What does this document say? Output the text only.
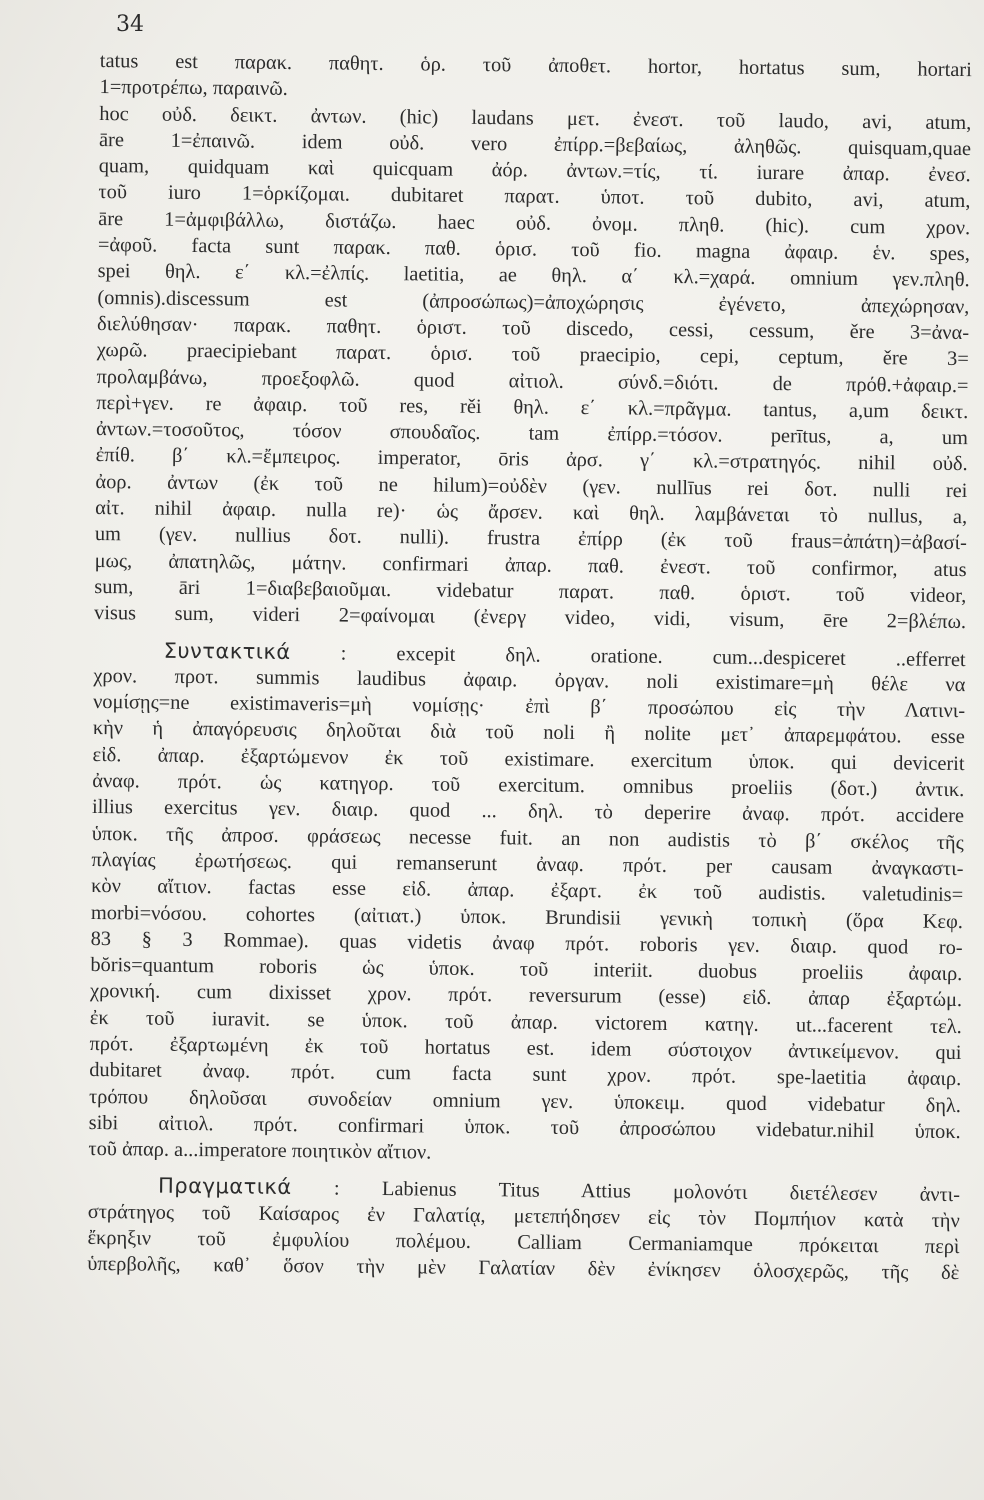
34
tatus est παρακ. παθητ. ὁρ. τοῦ ἀποθετ. hortor, hortatus sum, hortari
1=προτρέπω, παραινῶ.
hoc οὐδ. δεικτ. ἀντων. (hic) laudans μετ. ἐνεστ. τοῦ laudo, avi, atum,
āre 1=ἐπαινῶ. idem οὐδ. vero ἐπίρρ.=βεβαίως, ἀληθῶς. quisquam,quae
quam, quidquam καὶ quicquam ἀόρ. ἀντων.=τίς, τί. iurare ἀπαρ. ἐνεσ.
τοῦ iuro 1=ὁρκίζομαι. dubitaret παρατ. ὑποτ. τοῦ dubito, avi, atum,
āre 1=ἀμφιβάλλω, διστάζω. haec οὐδ. ὀνομ. πληθ. (hic). cum χρον.
=ἀφοῦ. facta sunt παρακ. παθ. ὁρισ. τοῦ fio. magna ἀφαιρ. ἑν. spes,
spei θηλ. ε΄ κλ.=ἐλπίς. laetitia, ae θηλ. α΄ κλ.=χαρά. omnium γεν.πληθ.
(omnis).discessum est (ἀπροσώπως)=ἀποχώρησις ἐγένετο, ἀπεχώρησαν,
διελύθησαν· παρακ. παθητ. ὁριστ. τοῦ discedo, cessi, cessum, ěre 3=ἀνα-
χωρῶ. praecipiebant παρατ. ὁρισ. τοῦ praecipio, cepi, ceptum, ěre 3=
προλαμβάνω, προεξοφλῶ. quod αἰτιολ. σύνδ.=διότι. de πρόθ.+ἀφαιρ.=
περὶ+γεν. re ἀφαιρ. τοῦ res, rěi θηλ. ε΄ κλ.=πρᾶγμα. tantus, a,um δεικτ.
ἀντων.=τοσοῦτος, τόσον σπουδαῖος. tam ἐπίρρ.=τόσον. perītus, a, um
ἐπίθ. β΄ κλ.=ἔμπειρος. imperator, ōris ἀρσ. γ΄ κλ.=στρατηγός. nihil οὐδ.
ἀορ. ἀντων (ἐκ τοῦ ne hilum)=οὐδὲν (γεν. nullīus rei δοτ. nulli rei
αἰτ. nihil ἀφαιρ. nulla re)· ὡς ἄρσεν. καὶ θηλ. λαμβάνεται τὸ nullus, a,
um (γεν. nullius δοτ. nulli). frustra ἐπίρρ (ἐκ τοῦ fraus=ἀπάτη)=ἀβασί-
μως, ἀπατηλῶς, μάτην. confirmari ἀπαρ. παθ. ἐνεστ. τοῦ confirmor, atus
sum, āri 1=διαβεβαιοῦμαι. videbatur παρατ. παθ. ὁριστ. τοῦ videor,
visus sum, videri 2=φαίνομαι (ἐνεργ video, vidi, visum, ēre 2=βλέπω.
Συντακτικά : excepit δηλ. oratione. cum...despiceret ..efferret
χρον. προτ. summis laudibus ἀφαιρ. ὀργαν. noli existimare=μὴ θέλε να
νομίσῃς=ne existimaveris=μὴ νομίσῃς· ἐπὶ β΄ προσώπου εἰς τὴν Λατινι-
κὴν ἡ ἀπαγόρευσις δηλοῦται διὰ τοῦ noli ἢ nolite μετ᾽ ἀπαρεμφάτου. esse
εἰδ. ἀπαρ. ἐξαρτώμενον ἐκ τοῦ existimare. exercitum ὑποκ. qui devicerit
ἀναφ. πρότ. ὡς κατηγορ. τοῦ exercitum. omnibus proeliis (δοτ.) ἀντικ.
illius exercitus γεν. διαιρ. quod ... δηλ. τὸ deperire ἀναφ. πρότ. accidere
ὑποκ. τῆς ἀπροσ. φράσεως necesse fuit. an non audistis τὸ β΄ σκέλος τῆς
πλαγίας ἐρωτήσεως. qui remanserunt ἀναφ. πρότ. per causam ἀναγκαστι-
κὸν αἴτιον. factas esse εἰδ. ἀπαρ. ἐξαρτ. ἐκ τοῦ audistis. valetudinis=
morbi=νόσου. cohortes (αἰτιατ.) ὑποκ. Brundisii γενικὴ τοπικὴ (ὅρα Κεφ.
83 § 3 Rommae). quas videtis ἀναφ πρότ. roboris γεν. διαιρ. quod ro-
bŏris=quantum roboris ὡς ὑποκ. τοῦ interiit. duobus proeliis ἀφαιρ.
χρονική. cum dixisset χρον. πρότ. reversurum (esse) εἰδ. ἀπαρ ἐξαρτώμ.
ἐκ τοῦ iuravit. se ὑποκ. τοῦ ἀπαρ. victorem κατηγ. ut...facerent τελ.
πρότ. ἐξαρτωμένη ἐκ τοῦ hortatus est. idem σύστοιχον ἀντικείμενον. qui
dubitaret ἀναφ. πρότ. cum facta sunt χρον. πρότ. spe-laetitia ἀφαιρ.
τρόπου δηλοῦσαι συνοδείαν omnium γεν. ὑποκειμ. quod videbatur δηλ.
sibi αἰτιολ. πρότ. confirmari ὑποκ. τοῦ ἀπροσώπου videbatur.nihil ὑποκ.
τοῦ ἀπαρ. a...imperatore ποιητικὸν αἴτιον.
Πραγματικά : Labienus Titus Attius μολονότι διετέλεσεν ἀντι-
στράτηγος τοῦ Καίσαρος ἐν Γαλατίᾳ, μετεπήδησεν εἰς τὸν Πομπήιον κατὰ τὴν
ἔκρηξιν τοῦ ἐμφυλίου πολέμου. Calliam Cermaniamque πρόκειται περὶ
ὑπερβολῆς, καθ᾽ ὅσον τὴν μὲν Γαλατίαν δὲν ἐνίκησεν ὁλοσχερῶς, τῆς δὲ
